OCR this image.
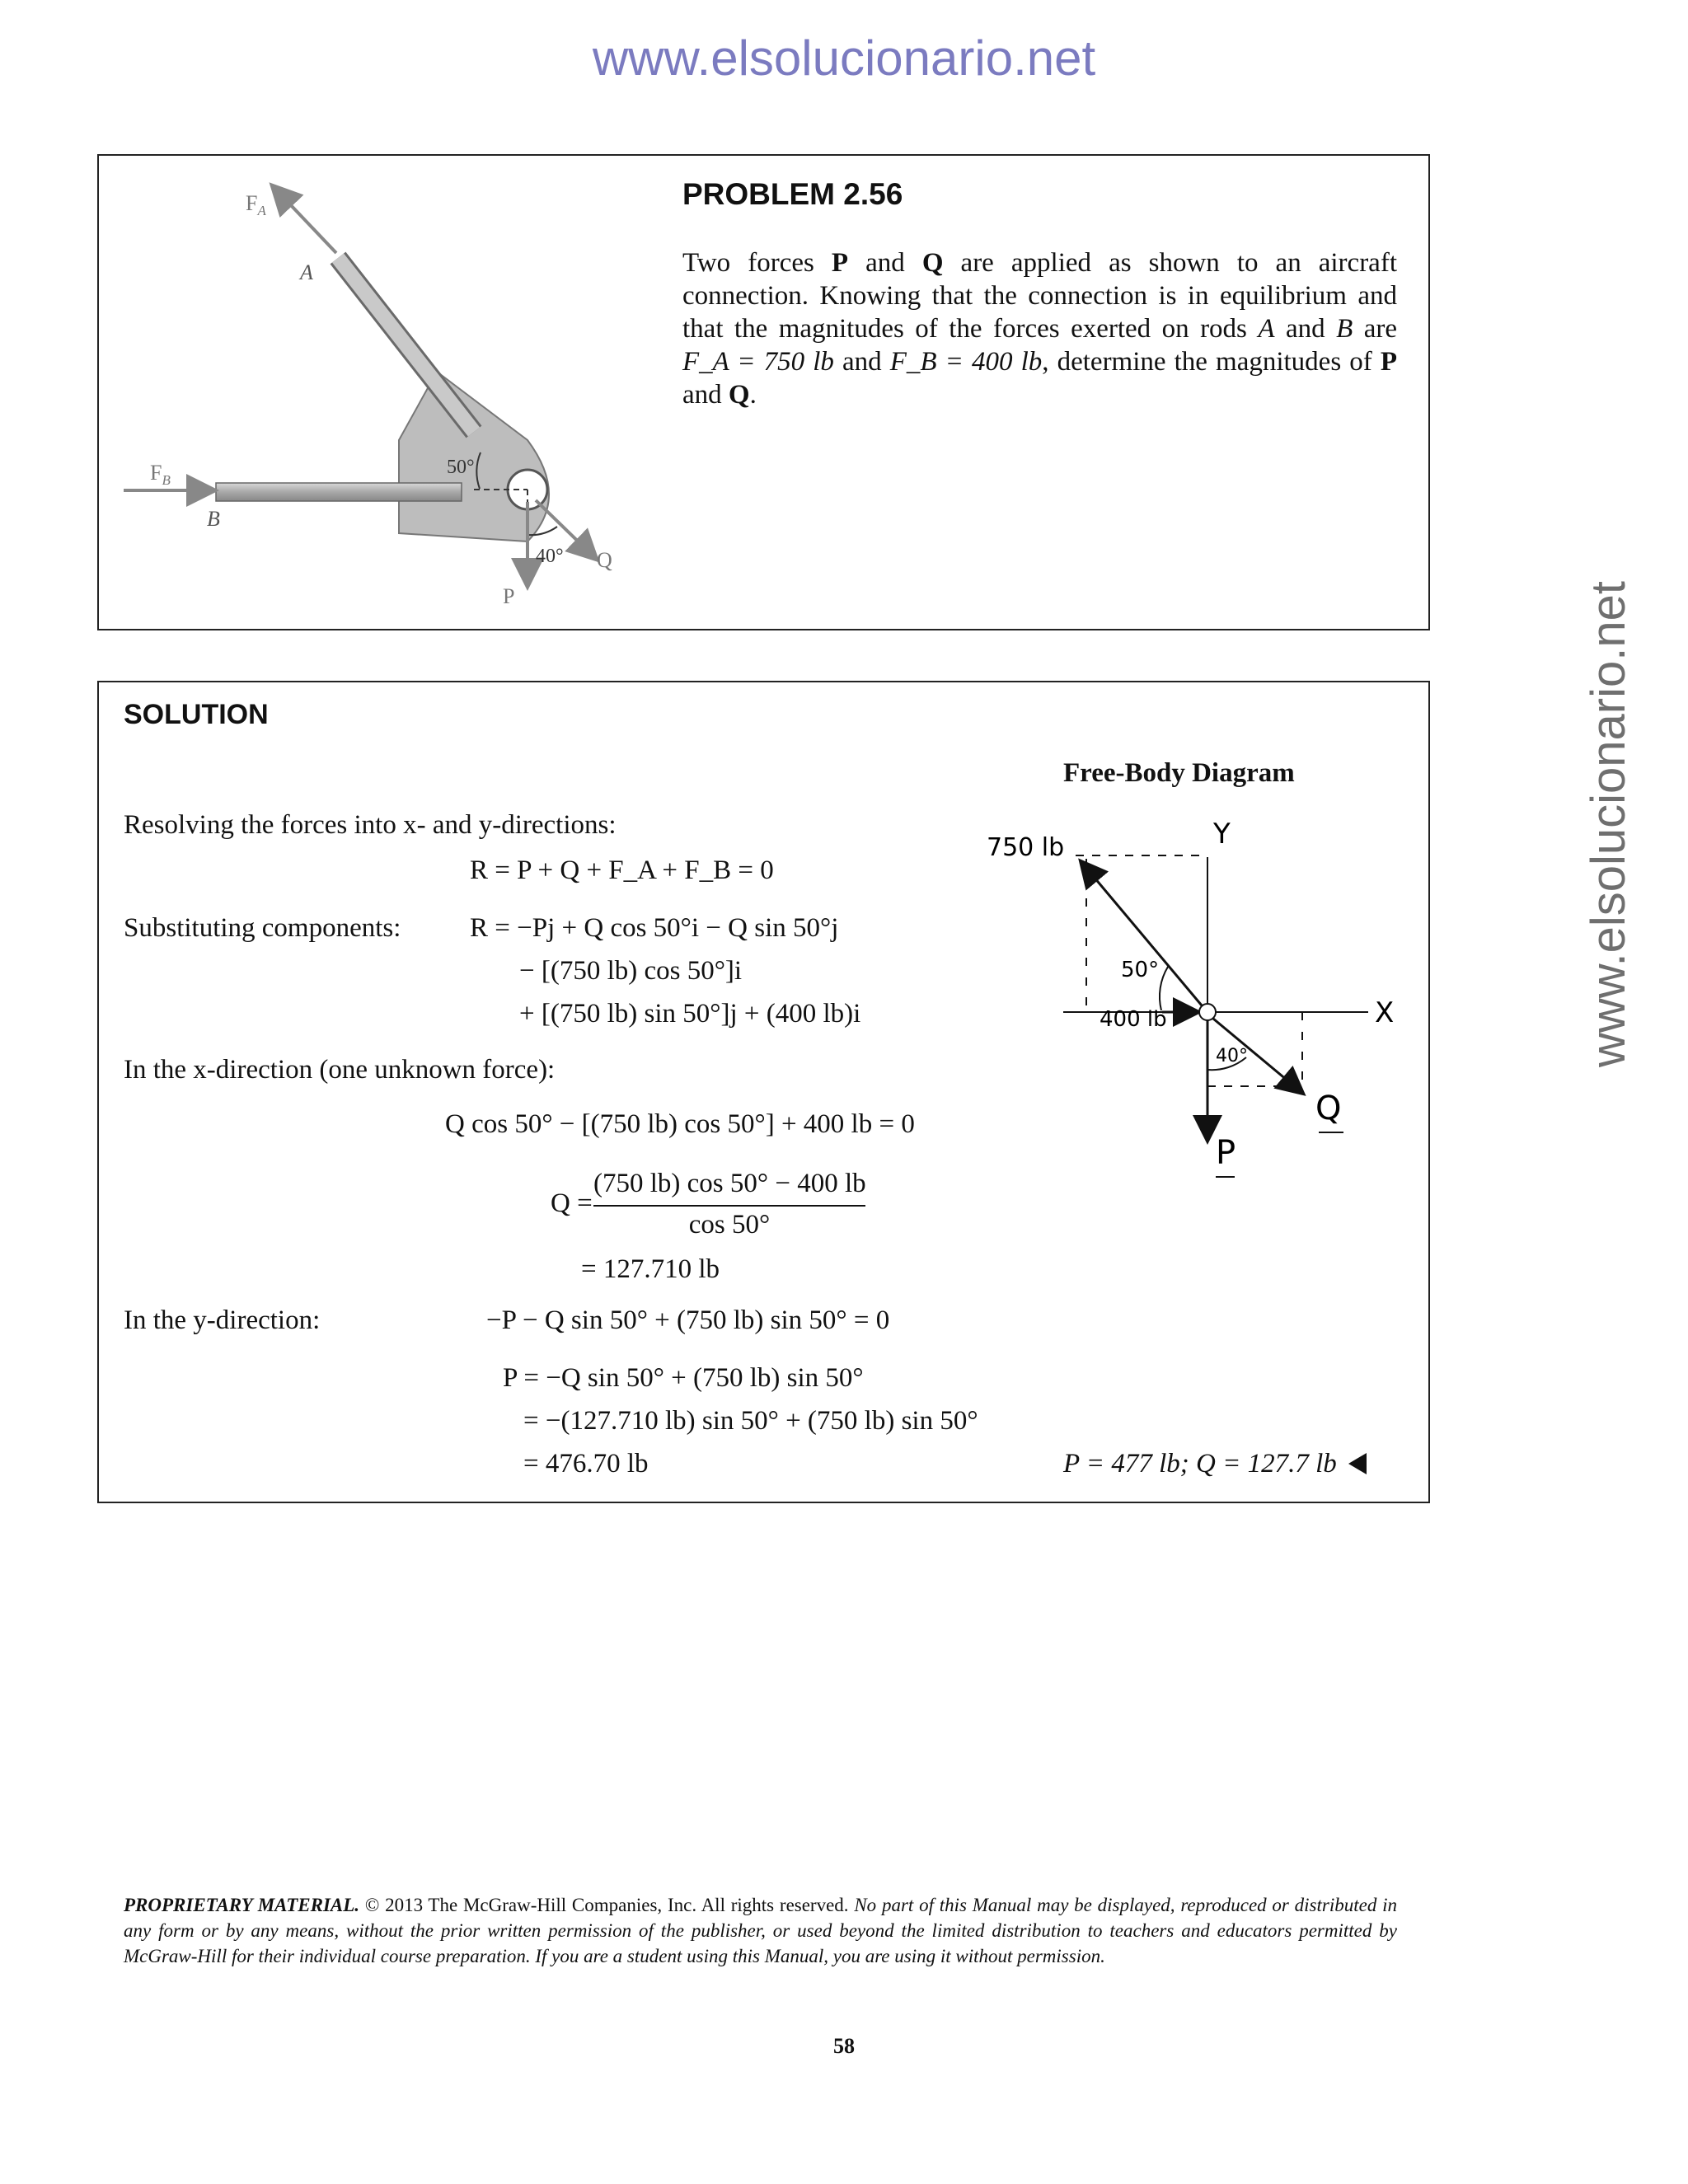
www.elsolucionario.net
www.elsolucionario.net
$F_A$
A
$F_B$
B
50°
40° Q
P
PROBLEM 2.56
Two forces P and Q are applied as shown to an aircraft connection. Knowing that the connection is in equilibrium and that the magnitudes of the forces exerted on rods A and B are F_A = 750 lb and F_B = 400 lb, determine the magnitudes of P and Q.
SOLUTION
Free-Body Diagram
750 lb
400 lb
Y
X
50°
40°
Q
P
Resolving the forces into x- and y-directions:
R = P + Q + F_A + F_B = 0
Substituting components:	R = −Pj + Q cos 50°i − Q sin 50°j
− [(750 lb) cos 50°]i
+ [(750 lb) sin 50°]j + (400 lb)i
In the x-direction (one unknown force):
Q cos 50° − [(750 lb) cos 50°] + 400 lb = 0
Q =
(750 lb) cos 50° − 400 lb
cos 50°
= 127.710 lb
In the y-direction:	−P − Q sin 50° + (750 lb) sin 50° = 0
P = −Q sin 50° + (750 lb) sin 50°
= −(127.710 lb) sin 50° + (750 lb) sin 50°
= 476.70 lb	P = 477 lb; Q = 127.7 lb
PROPRIETARY MATERIAL. © 2013 The McGraw-Hill Companies, Inc. All rights reserved. No part of this Manual may be displayed, reproduced or distributed in any form or by any means, without the prior written permission of the publisher, or used beyond the limited distribution to teachers and educators permitted by McGraw-Hill for their individual course preparation. If you are a student using this Manual, you are using it without permission.
58
